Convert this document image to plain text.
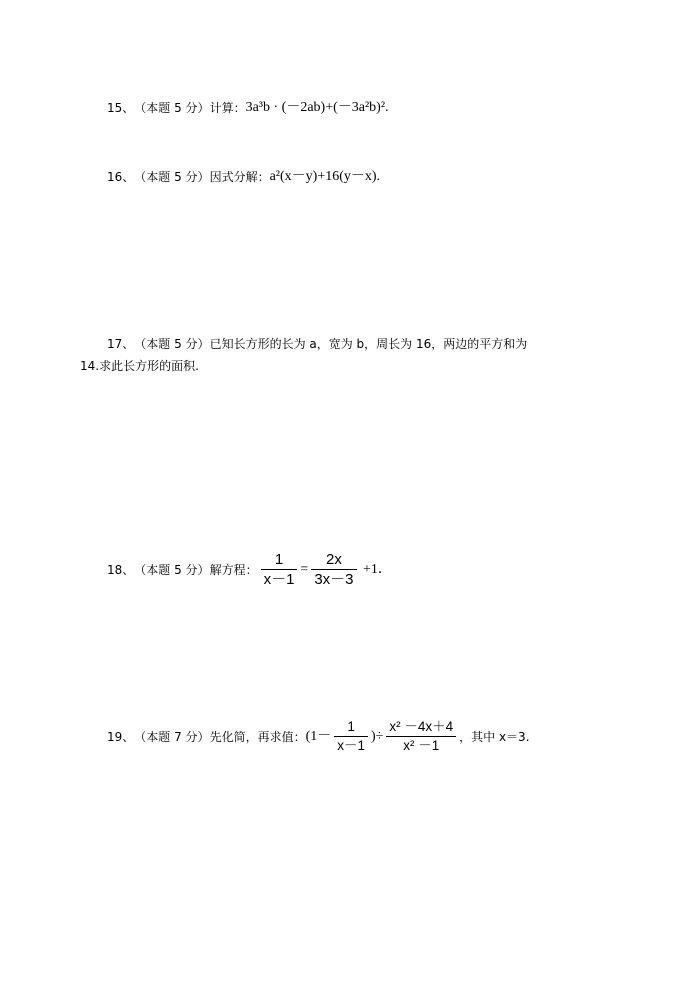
15 、 （本题 5 分） 计算： 3a³b · (－2ab)+(－3a²b)².
16 、 （本题 5 分） 因式分解： a²(x－y)+16(y－x).
17 、 （本题 5 分） 已知长方形的长为 a，宽为 b，周长为 16，两边的平方和为
14.求此长方形的面积.
18 、 （本题 5 分） 解方程： $\frac{1}{x-1} = \frac{2x}{3x-3} +1$．
19 、 （本题 7 分） 先化简，再求值： ($1- \frac{1}{x-1}$ )÷ $\frac{\text{x² －4x＋4}}{\text{x² －1}}$ ，其中 x＝3.
